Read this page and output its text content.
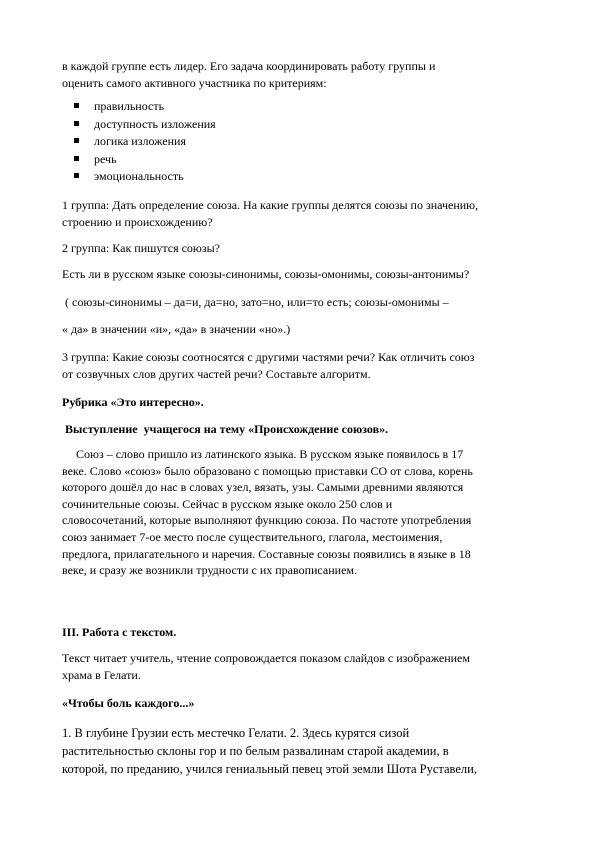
в каждой группе есть лидер. Его задача координировать работу группы и

оценить самого активного участника по критериям:

правильность
доступность изложения
логика изложения
речь
эмоциональность

1 группа: Дать определение союза. На какие группы делятся союзы по значению,

строению и происхождению?

2 группа: Как пишутся союзы?

Есть ли в русском языке союзы-синонимы, союзы-омонимы, союзы-антонимы?

( союзы-синонимы – да=и, да=но, зато=но, или=то есть; союзы-омонимы –

« да» в значении «и», «да» в значении «но».)

3 группа: Какие союзы соотносятся с другими частями речи? Как отличить союз

от созвучных слов других частей речи? Составьте алгоритм.

Рубрика «Это интересно».

Выступление  учащегося на тему «Происхождение союзов».

Союз – слово пришло из латинского языка. В русском языке появилось в 17
веке. Слово «союз» было образовано с помощью приставки СО от слова, корень
которого дошёл до нас в словах узел, вязать, узы. Самыми древними являются
сочинительные союзы. Сейчас в русском языке около 250 слов и
словосочетаний, которые выполняют функцию союза. По частоте употребления
союз занимает 7-ое место после существительного, глагола, местоимения,
предлога, прилагательного и наречия. Составные союзы появились в языке в 18
веке, и сразу же возникли трудности с их правописанием.

III. Работа с текстом.

Текст читает учитель, чтение сопровождается показом слайдов с изображением

храма в Гелати.

«Чтобы боль каждого...»

1. В глубине Грузии есть местечко Гелати. 2. Здесь курятся сизой
растительностью склоны гор и по белым развалинам старой академии, в
которой, по преданию, учился гениальный певец этой земли Шота Руставели,
